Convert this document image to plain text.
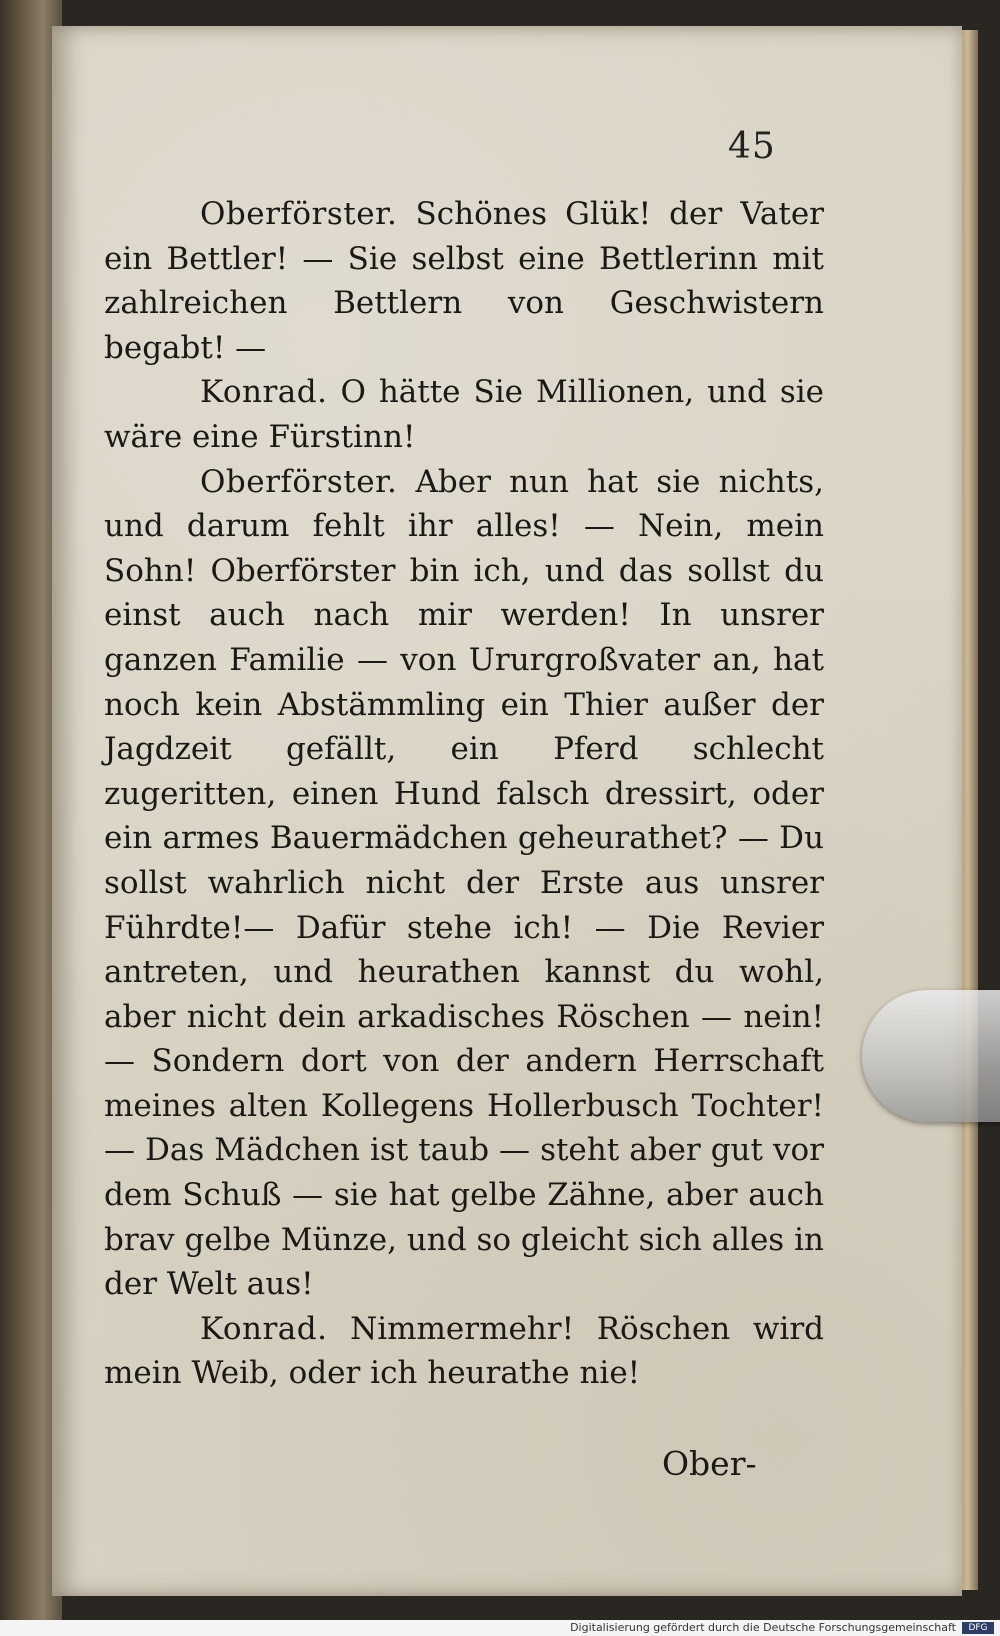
45

Oberförster. Schönes Glük! der Vater ein Bettler! — Sie selbst eine Bettlerinn mit zahlreichen Bettlern von Geschwistern begabt! —

Konrad. O hätte Sie Millionen, und sie wäre eine Fürstinn!

Oberförster. Aber nun hat sie nichts, und darum fehlt ihr alles! — Nein, mein Sohn! Oberförster bin ich, und das sollst du einst auch nach mir werden! In unsrer ganzen Familie — von Ururgroßvater an, hat noch kein Abstämmling ein Thier außer der Jagdzeit gefällt, ein Pferd schlecht zugeritten, einen Hund falsch dressirt, oder ein armes Bauermädchen geheurathet? — Du sollst wahrlich nicht der Erste aus unsrer Führdte!— Dafür stehe ich! — Die Revier antreten, und heurathen kannst du wohl, aber nicht dein arkadisches Röschen — nein! — Sondern dort von der andern Herrschaft meines alten Kollegens Hollerbusch Tochter! — Das Mädchen ist taub — steht aber gut vor dem Schuß — sie hat gelbe Zähne, aber auch brav gelbe Münze, und so gleicht sich alles in der Welt aus!

Konrad. Nimmermehr! Röschen wird mein Weib, oder ich heurathe nie!

Ober-
Digitalisierung gefördert durch die Deutsche Forschungsgemeinschaft	DFG
